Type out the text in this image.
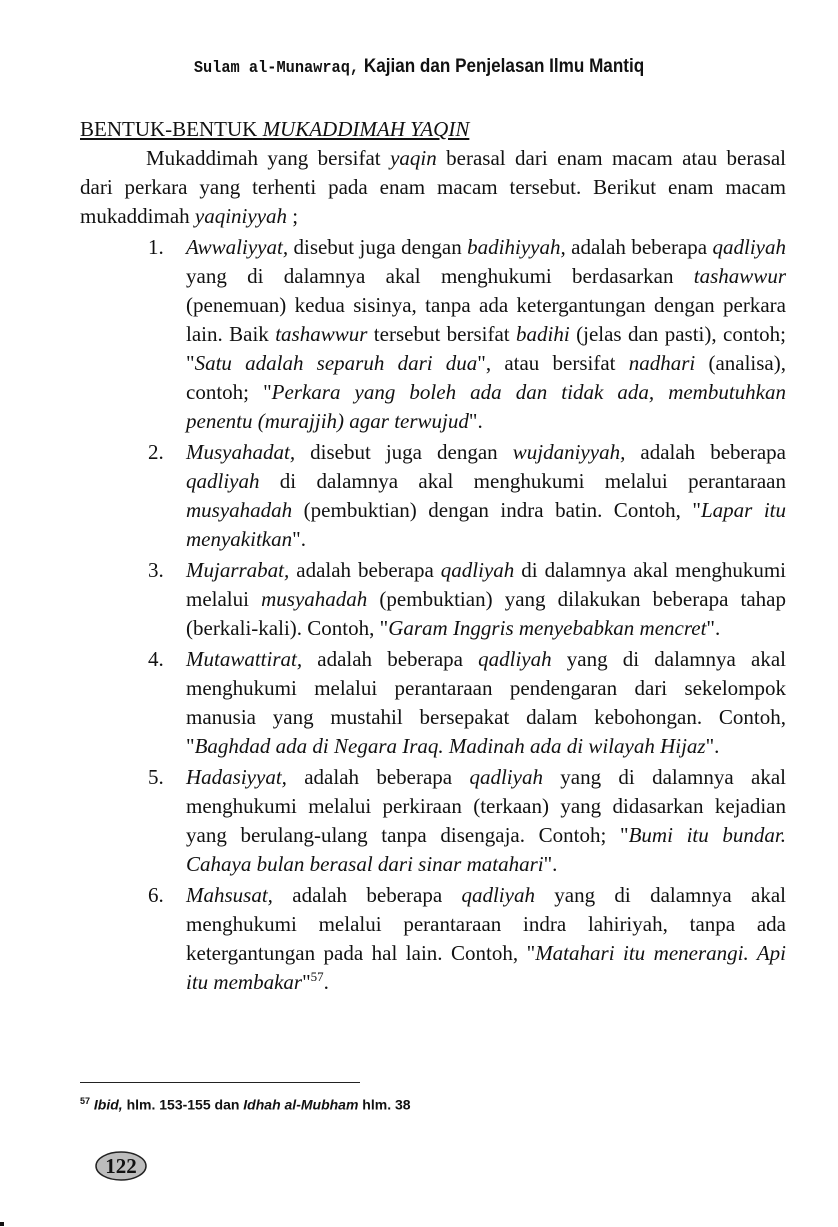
Sulam al-Munawraq, Kajian dan Penjelasan Ilmu Mantiq
BENTUK-BENTUK MUKADDIMAH YAQIN

Mukaddimah yang bersifat yaqin berasal dari enam macam atau berasal dari perkara yang terhenti pada enam macam tersebut. Berikut enam macam mukaddimah yaqiniyyah ;

1. Awwaliyyat, disebut juga dengan badihiyyah, adalah beberapa qadliyah yang di dalamnya akal menghukumi berdasarkan tashawwur (penemuan) kedua sisinya, tanpa ada ketergantungan dengan perkara lain. Baik tashawwur tersebut bersifat badihi (jelas dan pasti), contoh; "Satu adalah separuh dari dua", atau bersifat nadhari (analisa), contoh; "Perkara yang boleh ada dan tidak ada, membutuhkan penentu (murajjih) agar terwujud".
2. Musyahadat, disebut juga dengan wujdaniyyah, adalah beberapa qadliyah di dalamnya akal menghukumi melalui perantaraan musyahadah (pembuktian) dengan indra batin. Contoh, "Lapar itu menyakitkan".
3. Mujarrabat, adalah beberapa qadliyah di dalamnya akal menghukumi melalui musyahadah (pembuktian) yang dilakukan beberapa tahap (berkali-kali). Contoh, "Garam Inggris menyebabkan mencret".
4. Mutawattirat, adalah beberapa qadliyah yang di dalamnya akal menghukumi melalui perantaraan pendengaran dari sekelompok manusia yang mustahil bersepakat dalam kebohongan. Contoh, "Baghdad ada di Negara Iraq. Madinah ada di wilayah Hijaz".
5. Hadasiyyat, adalah beberapa qadliyah yang di dalamnya akal menghukumi melalui perkiraan (terkaan) yang didasarkan kejadian yang berulang-ulang tanpa disengaja. Contoh; "Bumi itu bundar. Cahaya bulan berasal dari sinar matahari".
6. Mahsusat, adalah beberapa qadliyah yang di dalamnya akal menghukumi melalui perantaraan indra lahiriyah, tanpa ada ketergantungan pada hal lain. Contoh, "Matahari itu menerangi. Api itu membakar"$^{57}$.
$^{57}$ Ibid, hlm. 153-155 dan Idhah al-Mubham hlm. 38
122
